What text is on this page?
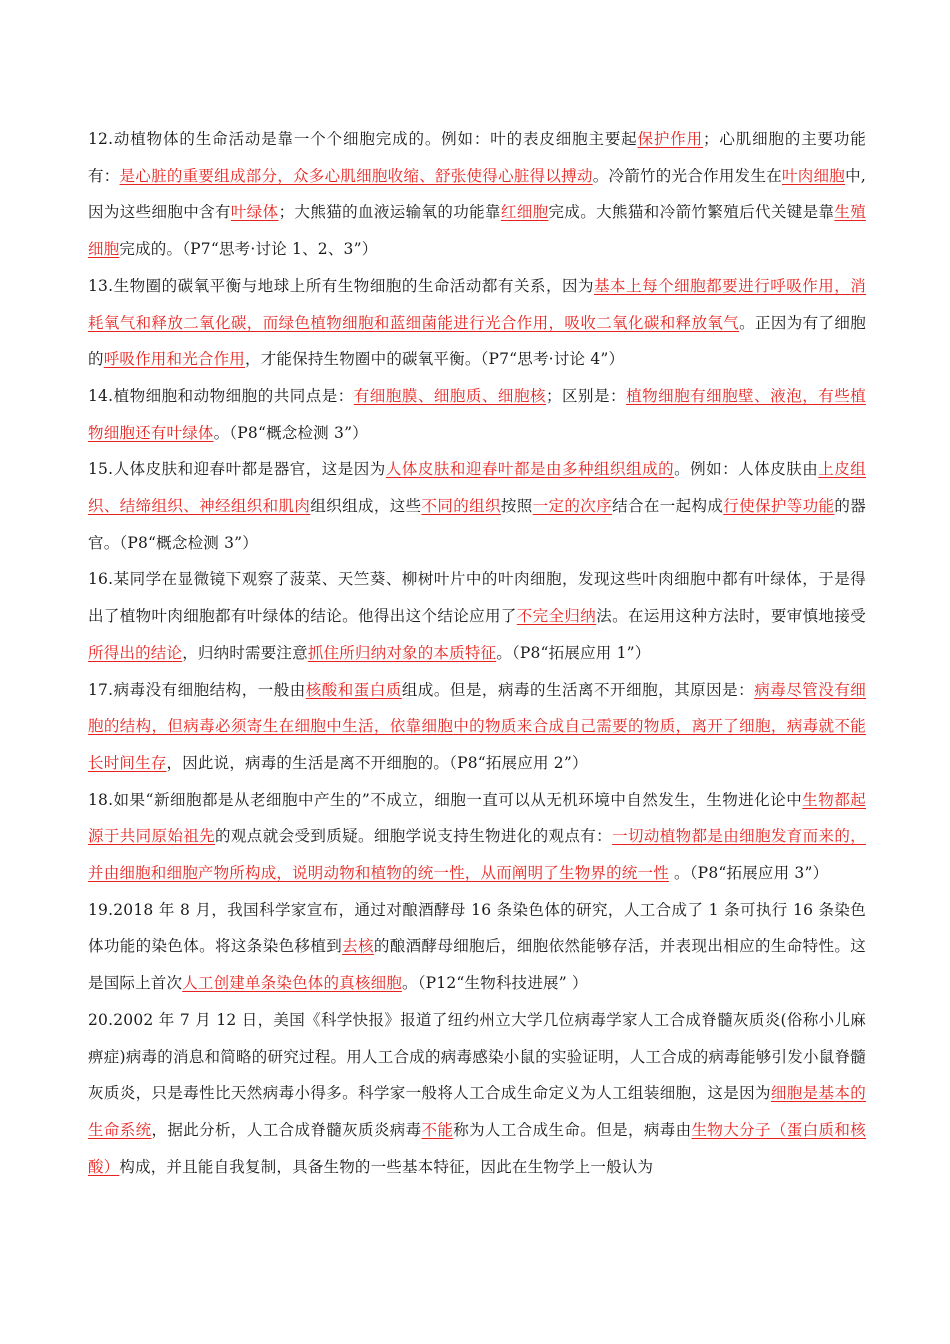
12.动植物体的生命活动是靠一个个细胞完成的。例如：叶的表皮细胞主要起保护作用；心肌细胞的主要功能有：是心脏的重要组成部分，众多心肌细胞收缩、舒张使得心脏得以搏动。冷箭竹的光合作用发生在叶肉细胞中, 因为这些细胞中含有叶绿体；大熊猫的血液运输氧的功能靠红细胞完成。大熊猫和冷箭竹繁殖后代关键是靠生殖细胞完成的。（P7“思考·讨论 1、2、3”）

13.生物圈的碳氧平衡与地球上所有生物细胞的生命活动都有关系，因为基本上每个细胞都要进行呼吸作用，消耗氧气和释放二氧化碳，而绿色植物细胞和蓝细菌能进行光合作用，吸收二氧化碳和释放氧气。正因为有了细胞的呼吸作用和光合作用，才能保持生物圈中的碳氧平衡。（P7“思考·讨论 4”）

14.植物细胞和动物细胞的共同点是：有细胞膜、细胞质、细胞核；区别是：植物细胞有细胞壁、液泡，有些植物细胞还有叶绿体。（P8“概念检测 3”）

15.人体皮肤和迎春叶都是器官，这是因为人体皮肤和迎春叶都是由多种组织组成的。例如：人体皮肤由上皮组织、结缔组织、神经组织和肌肉组织组成，这些不同的组织按照一定的次序结合在一起构成行使保护等功能的器官。（P8“概念检测 3”）

16.某同学在显微镜下观察了菠菜、天竺葵、柳树叶片中的叶肉细胞，发现这些叶肉细胞中都有叶绿体，于是得出了植物叶肉细胞都有叶绿体的结论。他得出这个结论应用了不完全归纳法。在运用这种方法时，要审慎地接受所得出的结论，归纳时需要注意抓住所归纳对象的本质特征。（P8“拓展应用 1”）

17.病毒没有细胞结构，一般由核酸和蛋白质组成。但是，病毒的生活离不开细胞，其原因是：病毒尽管没有细胞的结构，但病毒必须寄生在细胞中生活，依靠细胞中的物质来合成自己需要的物质，离开了细胞，病毒就不能长时间生存，因此说，病毒的生活是离不开细胞的。（P8“拓展应用 2”）

18.如果“新细胞都是从老细胞中产生的”不成立，细胞一直可以从无机环境中自然发生，生物进化论中生物都起源于共同原始祖先的观点就会受到质疑。细胞学说支持生物进化的观点有：一切动植物都是由细胞发育而来的，并由细胞和细胞产物所构成，说明动物和植物的统一性，从而阐明了生物界的统一性 。（P8“拓展应用 3”）

19.2018 年 8 月，我国科学家宣布，通过对酿酒酵母 16 条染色体的研究，人工合成了 1 条可执行 16 条染色体功能的染色体。将这条染色移植到去核的酿酒酵母细胞后，细胞依然能够存活，并表现出相应的生命特性。这是国际上首次人工创建单条染色体的真核细胞。（P12“生物科技进展” ）

20.2002 年 7 月 12 日，美国《科学快报》报道了纽约州立大学几位病毒学家人工合成脊髓灰质炎(俗称小儿麻痹症)病毒的消息和简略的研究过程。用人工合成的病毒感染小鼠的实验证明，人工合成的病毒能够引发小鼠脊髓灰质炎，只是毒性比天然病毒小得多。科学家一般将人工合成生命定义为人工组装细胞，这是因为细胞是基本的生命系统，据此分析，人工合成脊髓灰质炎病毒不能称为人工合成生命。但是，病毒由生物大分子（蛋白质和核酸）构成，并且能自我复制，具备生物的一些基本特征，因此在生物学上一般认为
